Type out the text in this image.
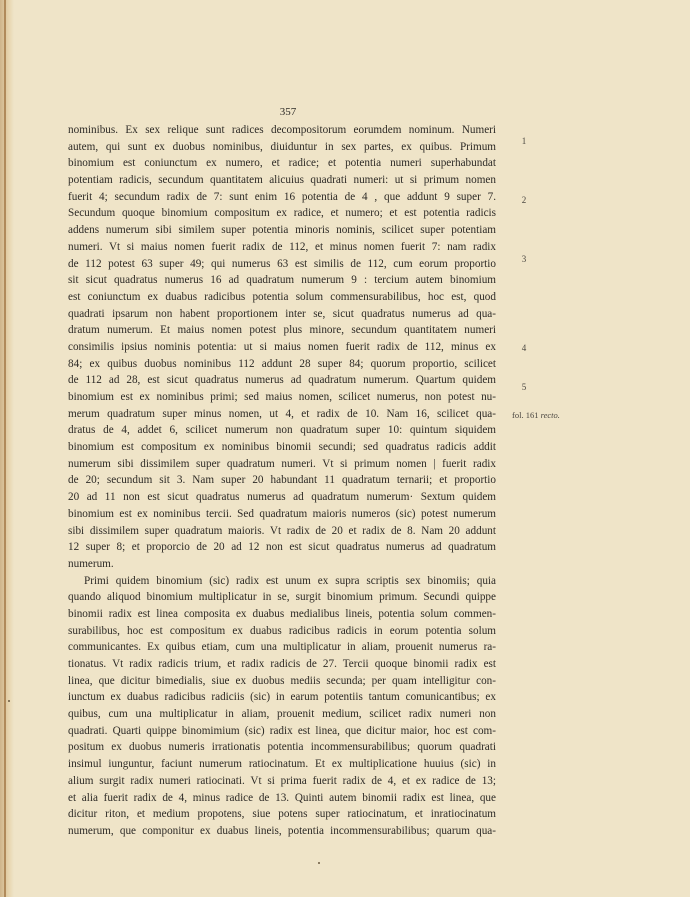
357
nominibus. Ex sex relique sunt radices decompositorum eorumdem nominum. Numeri
autem, qui sunt ex duobus nominibus, diuiduntur in sex partes, ex quibus. Primum
binomium est coniunctum ex numero, et radice; et potentia numeri superhabundat
potentiam radicis, secundum quantitatem alicuius quadrati numeri: ut si primum nomen
fuerit 4; secundum radix de 7: sunt enim 16 potentia de 4 , que addunt 9 super 7.
Secundum quoque binomium compositum ex radice, et numero; et est potentia radicis
addens numerum sibi similem super potentia minoris nominis, scilicet super potentiam
numeri. Vt si maius nomen fuerit radix de 112, et minus nomen fuerit 7: nam radix
de 112 potest 63 super 49; qui numerus 63 est similis de 112, cum eorum proportio
sit sicut quadratus numerus 16 ad quadratum numerum 9 : tercium autem binomium
est coniunctum ex duabus radicibus potentia solum commensurabilibus, hoc est, quod
quadrati ipsarum non habent proportionem inter se, sicut quadratus numerus ad qua-
dratum numerum. Et maius nomen potest plus minore, secundum quantitatem numeri
consimilis ipsius nominis potentia: ut si maius nomen fuerit radix de 112, minus ex
84; ex quibus duobus nominibus 112 addunt 28 super 84; quorum proportio, scilicet
de 112 ad 28, est sicut quadratus numerus ad quadratum numerum. Quartum quidem
binomium est ex nominibus primi; sed maius nomen, scilicet numerus, non potest nu-
merum quadratum super minus nomen, ut 4, et radix de 10. Nam 16, scilicet qua-
dratus de 4, addet 6, scilicet numerum non quadratum super 10: quintum siquidem
binomium est compositum ex nominibus binomii secundi; sed quadratus radicis addit
numerum sibi dissimilem super quadratum numeri. Vt si primum nomen | fuerit radix
de 20; secundum sit 3. Nam super 20 habundant 11 quadratum ternarii; et proportio
20 ad 11 non est sicut quadratus numerus ad quadratum numerum· Sextum quidem
binomium est ex nominibus tercii. Sed quadratum maioris numeros (sic) potest numerum
sibi dissimilem super quadratum maioris. Vt radix de 20 et radix de 8. Nam 20 addunt
12 super 8; et proporcio de 20 ad 12 non est sicut quadratus numerus ad quadratum
numerum.
Primi quidem binomium (sic) radix est unum ex supra scriptis sex binomiis; quia
quando aliquod binomium multiplicatur in se, surgit binomium primum. Secundi quippe
binomii radix est linea composita ex duabus medialibus lineis, potentia solum commen-
surabilibus, hoc est compositum ex duabus radicibus radicis in eorum potentia solum
communicantes. Ex quibus etiam, cum una multiplicatur in aliam, prouenit numerus ra-
tionatus. Vt radix radicis trium, et radix radicis de 27. Tercii quoque binomii radix est
linea, que dicitur bimedialis, siue ex duobus mediis secunda; per quam intelligitur con-
iunctum ex duabus radicibus radiciis (sic) in earum potentiis tantum comunicantibus; ex
quibus, cum una multiplicatur in aliam, prouenit medium, scilicet radix numeri non
quadrati. Quarti quippe binomimium (sic) radix est linea, que dicitur maior, hoc est com-
positum ex duobus numeris irrationatis potentia incommensurabilibus; quorum quadrati
insimul iunguntur, faciunt numerum ratiocinatum. Et ex multiplicatione huuius (sic) in
alium surgit radix numeri ratiocinati. Vt si prima fuerit radix de 4, et ex radice de 13;
et alia fuerit radix de 4, minus radice de 13. Quinti autem binomii radix est linea, que
dicitur riton, et medium propotens, siue potens super ratiocinatum, et inratiocinatum
numerum, que componitur ex duabus lineis, potentia incommensurabilibus; quarum qua-
1
2
3
4
5
fol. 161 recto.
